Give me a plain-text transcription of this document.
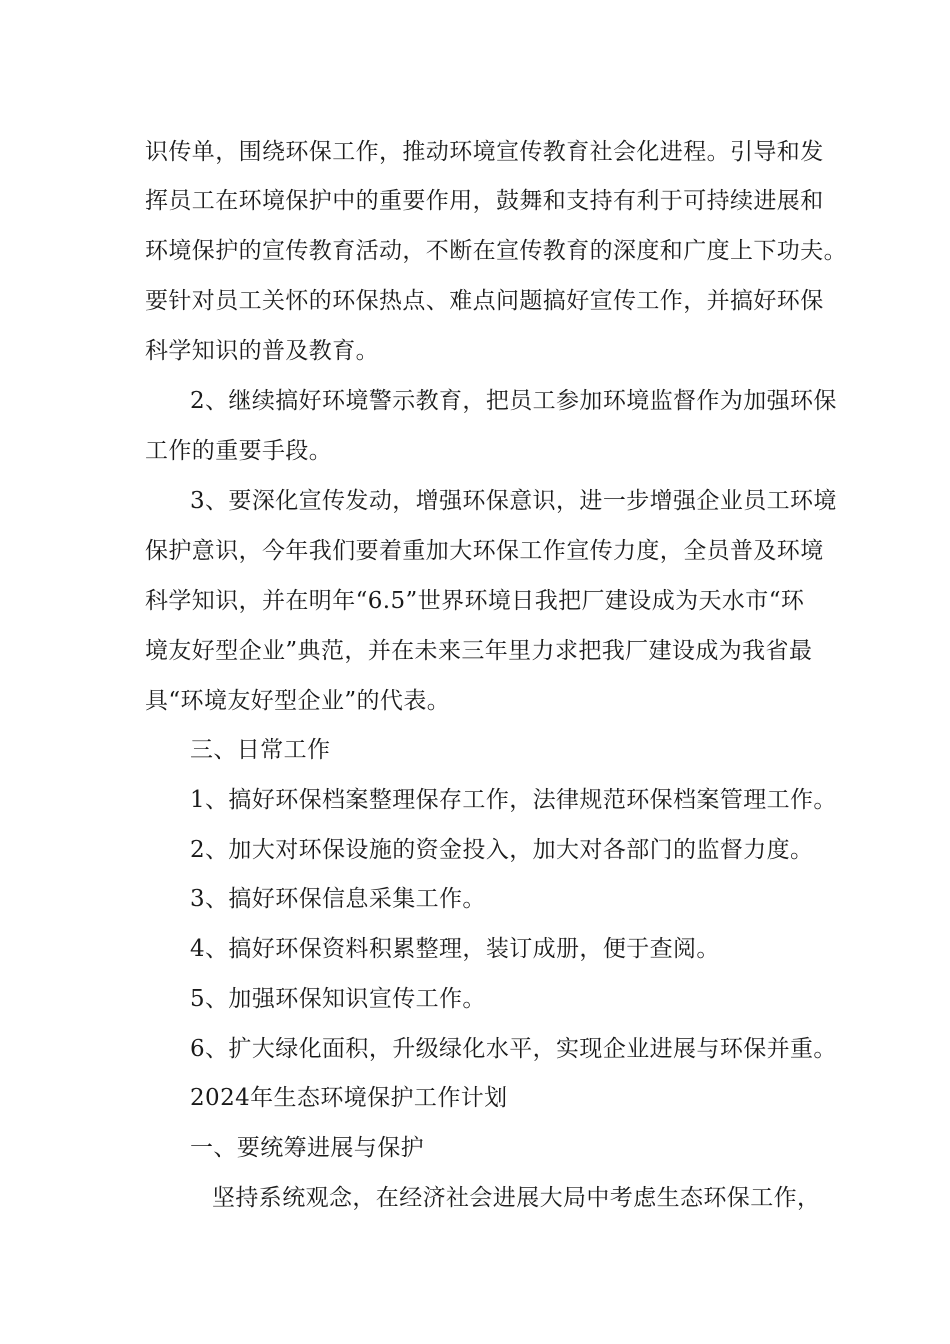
识传单，围绕环保工作，推动环境宣传教育社会化进程。引导和发
挥员工在环境保护中的重要作用，鼓舞和支持有利于可持续进展和
环境保护的宣传教育活动，不断在宣传教育的深度和广度上下功夫。
要针对员工关怀的环保热点、难点问题搞好宣传工作，并搞好环保
科学知识的普及教育。
2、继续搞好环境警示教育，把员工参加环境监督作为加强环保
工作的重要手段。
3、要深化宣传发动，增强环保意识，进一步增强企业员工环境
保护意识，今年我们要着重加大环保工作宣传力度，全员普及环境
科学知识，并在明年“6.5”世界环境日我把厂建设成为天水市“环
境友好型企业”典范，并在未来三年里力求把我厂建设成为我省最
具“环境友好型企业”的代表。
三、日常工作
1、搞好环保档案整理保存工作，法律规范环保档案管理工作。
2、加大对环保设施的资金投入，加大对各部门的监督力度。
3、搞好环保信息采集工作。
4、搞好环保资料积累整理，装订成册，便于查阅。
5、加强环保知识宣传工作。
6、扩大绿化面积，升级绿化水平，实现企业进展与环保并重。
2024年生态环境保护工作计划
一、要统筹进展与保护
坚持系统观念，在经济社会进展大局中考虑生态环保工作，
